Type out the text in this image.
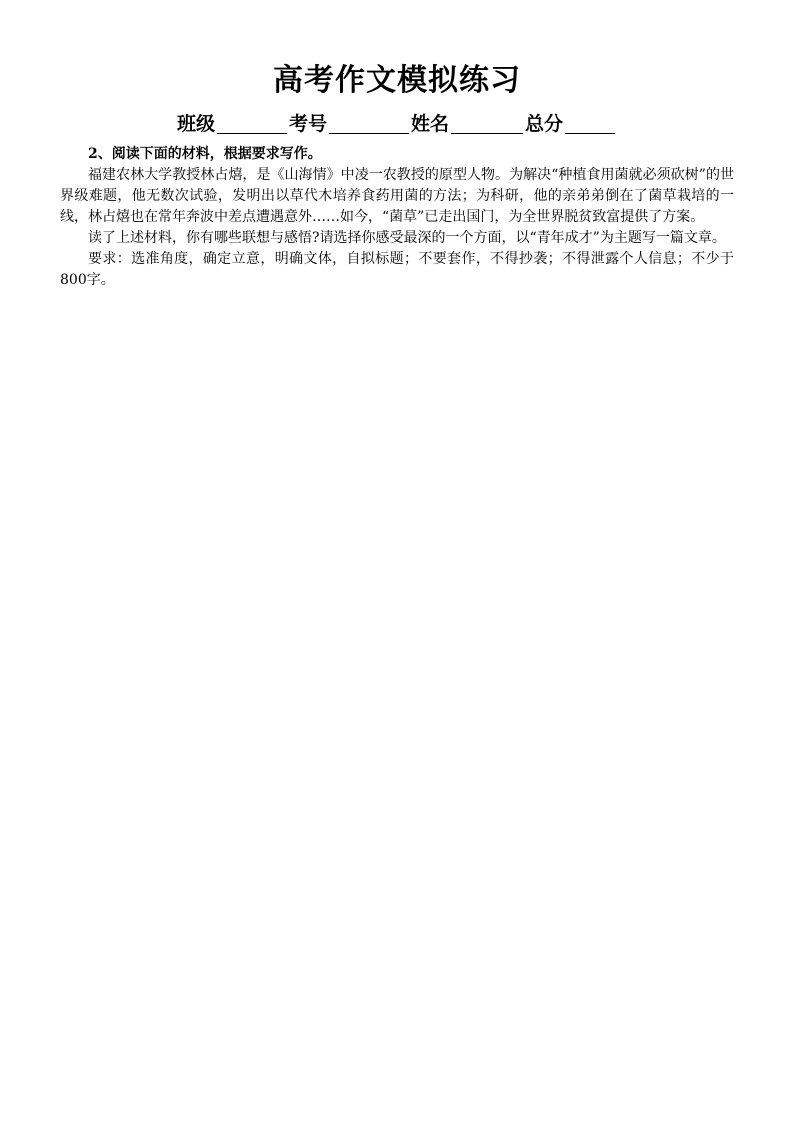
高考作文模拟练习
班级	考号	姓名	总分

2、阅读下面的材料，根据要求写作。

福建农林大学教授林占熺，是《山海情》中凌一农教授的原型人物。为解决“种植食用菌就必须砍树”的世界级难题，他无数次试验，发明出以草代木培养食药用菌的方法；为科研，他的亲弟弟倒在了菌草栽培的一线，林占熺也在常年奔波中差点遭遇意外……如今，“菌草”已走出国门，为全世界脱贫致富提供了方案。

读了上述材料，你有哪些联想与感悟?请选择你感受最深的一个方面，以“青年成才”为主题写一篇文章。

要求：选准角度，确定立意，明确文体，自拟标题；不要套作，不得抄袭；不得泄露个人信息；不少于 800字。
